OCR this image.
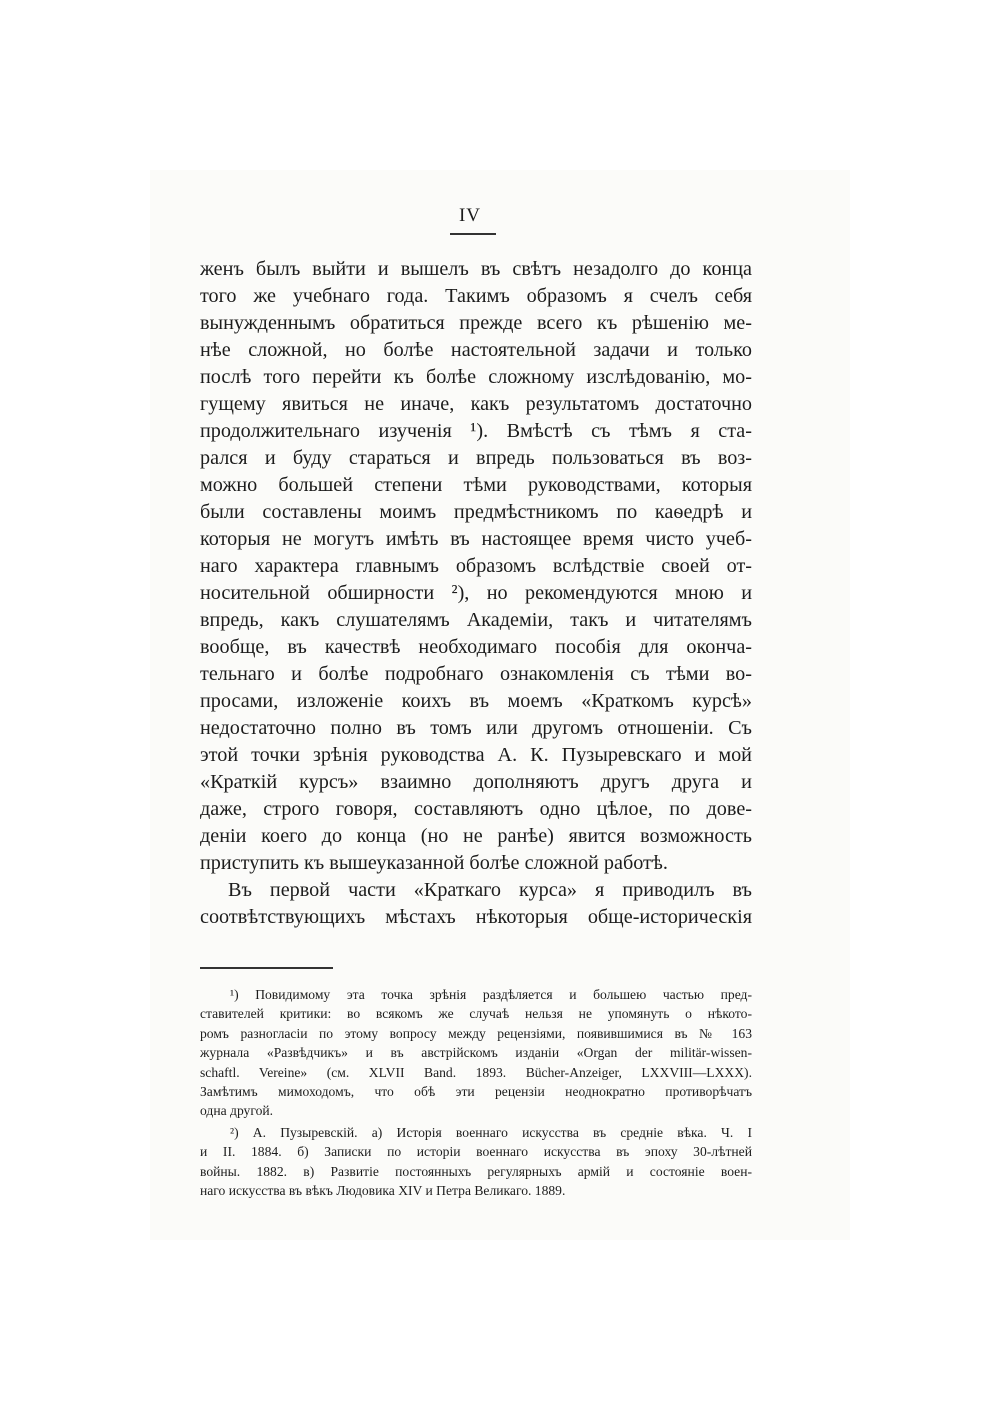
IV
женъ былъ выйти и вышелъ въ свѣтъ незадолго до конца
того же учебнаго года. Такимъ образомъ я счелъ себя
вынужденнымъ обратиться прежде всего къ рѣшенію ме-
нѣе сложной, но болѣе настоятельной задачи и только
послѣ того перейти къ болѣе сложному изслѣдованію, мо-
гущему явиться не иначе, какъ результатомъ достаточно
продолжительнаго изученія ¹). Вмѣстѣ съ тѣмъ я ста-
рался и буду стараться и впредь пользоваться въ воз-
можно большей степени тѣми руководствами, которыя
были составлены моимъ предмѣстникомъ по каѳедрѣ и
которыя не могутъ имѣть въ настоящее время чисто учеб-
наго характера главнымъ образомъ вслѣдствіе своей от-
носительной обширности ²), но рекомендуются мною и
впредь, какъ слушателямъ Академіи, такъ и читателямъ
вообще, въ качествѣ необходимаго пособія для оконча-
тельнаго и болѣе подробнаго ознакомленія съ тѣми во-
просами, изложеніе коихъ въ моемъ «Краткомъ курсѣ»
недостаточно полно въ томъ или другомъ отношеніи. Съ
этой точки зрѣнія руководства А. К. Пузыревскаго и мой
«Краткій курсъ» взаимно дополняютъ другъ друга и
даже, строго говоря, составляютъ одно цѣлое, по дове-
деніи коего до конца (но не ранѣе) явится возможность
приступить къ вышеуказанной болѣе сложной работѣ.
Въ первой части «Краткаго курса» я приводилъ въ
соотвѣтствующихъ мѣстахъ нѣкоторыя обще-историческія
¹) Повидимому эта точка зрѣнія раздѣляется и большею частью пред-
ставителей критики: во всякомъ же случаѣ нельзя не упомянуть о нѣкото-
ромъ разногласіи по этому вопросу между рецензіями, появившимися въ № 163
журнала «Развѣдчикъ» и въ австрійскомъ изданіи «Organ der militär-wissen-
schaftl. Vereine» (см. XLVII Band. 1893. Bücher-Anzeiger, LXXVIII—LXXX).
Замѣтимъ мимоходомъ, что обѣ эти рецензіи неоднократно противорѣчатъ
одна другой.
²) А. Пузыревскій. а) Исторія военнаго искусства въ средніе вѣка. Ч. I
и II. 1884. б) Записки по исторіи военнаго искусства въ эпоху 30-лѣтней
войны. 1882. в) Развитіе постоянныхъ регулярныхъ армій и состояніе воен-
наго искусства въ вѣкъ Людовика XIV и Петра Великаго. 1889.
